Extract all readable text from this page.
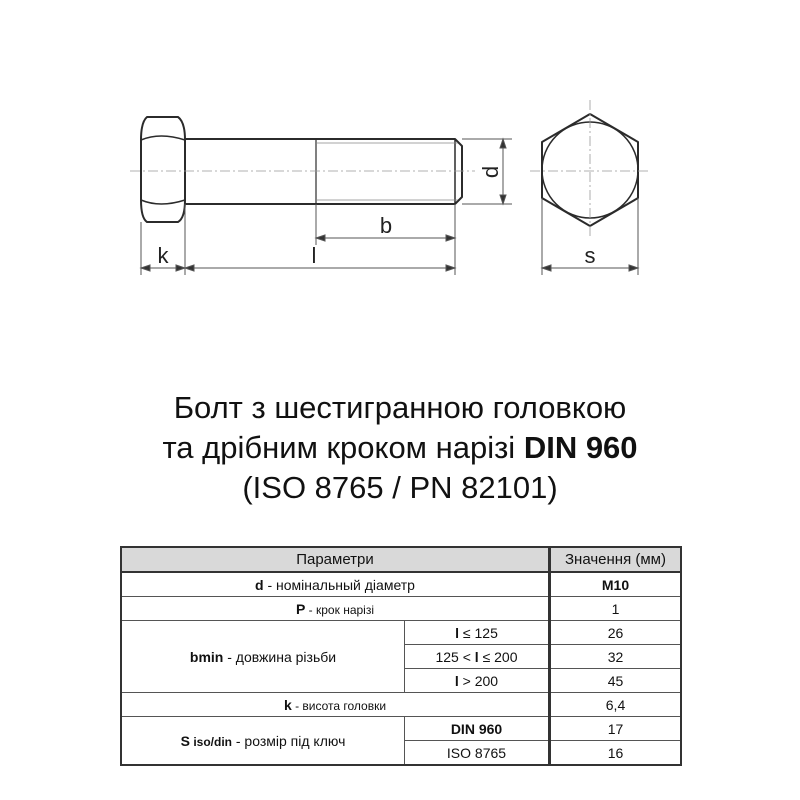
d
b
k	l	s
Болт з шестигранною головкою
та дрібним кроком нарізі DIN 960
(ISO 8765 / PN 82101)
Параметри		Значення (мм)
d - номінальный діаметр		M10
P - крок нарізі		1
bmin - довжина різьби	l ≤ 125	26
	125 < l ≤ 200	32
	l > 200	45
k - висота головки		6,4
S iso/din - розмір під ключ	DIN 960	17
	ISO 8765	16
